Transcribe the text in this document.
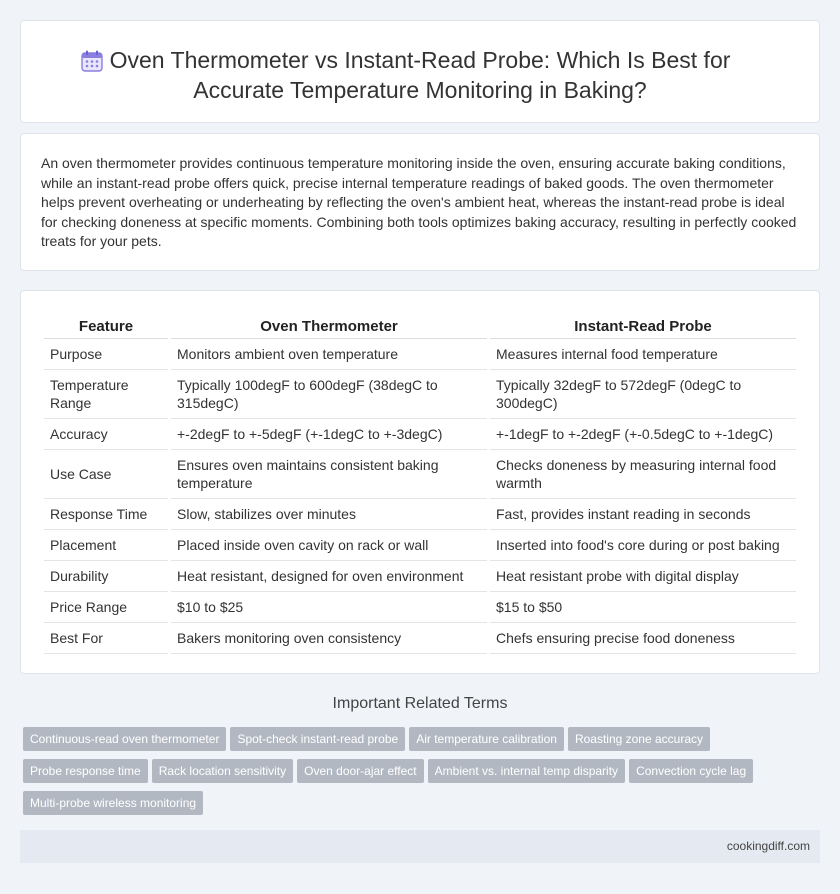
Oven Thermometer vs Instant-Read Probe: Which Is Best for Accurate Temperature Monitoring in Baking?

An oven thermometer provides continuous temperature monitoring inside the oven, ensuring accurate baking conditions, while an instant-read probe offers quick, precise internal temperature readings of baked goods. The oven thermometer helps prevent overheating or underheating by reflecting the oven's ambient heat, whereas the instant-read probe is ideal for checking doneness at specific moments. Combining both tools optimizes baking accuracy, resulting in perfectly cooked treats for your pets.

Feature	Oven Thermometer	Instant-Read Probe
Purpose	Monitors ambient oven temperature	Measures internal food temperature
Temperature Range	Typically 100degF to 600degF (38degC to 315degC)	Typically 32degF to 572degF (0degC to 300degC)
Accuracy	+-2degF to +-5degF (+-1degC to +-3degC)	+-1degF to +-2degF (+-0.5degC to +-1degC)
Use Case	Ensures oven maintains consistent baking temperature	Checks doneness by measuring internal food warmth
Response Time	Slow, stabilizes over minutes	Fast, provides instant reading in seconds
Placement	Placed inside oven cavity on rack or wall	Inserted into food's core during or post baking
Durability	Heat resistant, designed for oven environment	Heat resistant probe with digital display
Price Range	$10 to $25	$15 to $50
Best For	Bakers monitoring oven consistency	Chefs ensuring precise food doneness
Important Related Terms
Continuous-read oven thermometer Spot-check instant-read probe Air temperature calibration Roasting zone accuracyProbe response time Rack location sensitivity Oven door-ajar effect Ambient vs. internal temp disparity Convection cycle lagMulti-probe wireless monitoring
cookingdiff.com
